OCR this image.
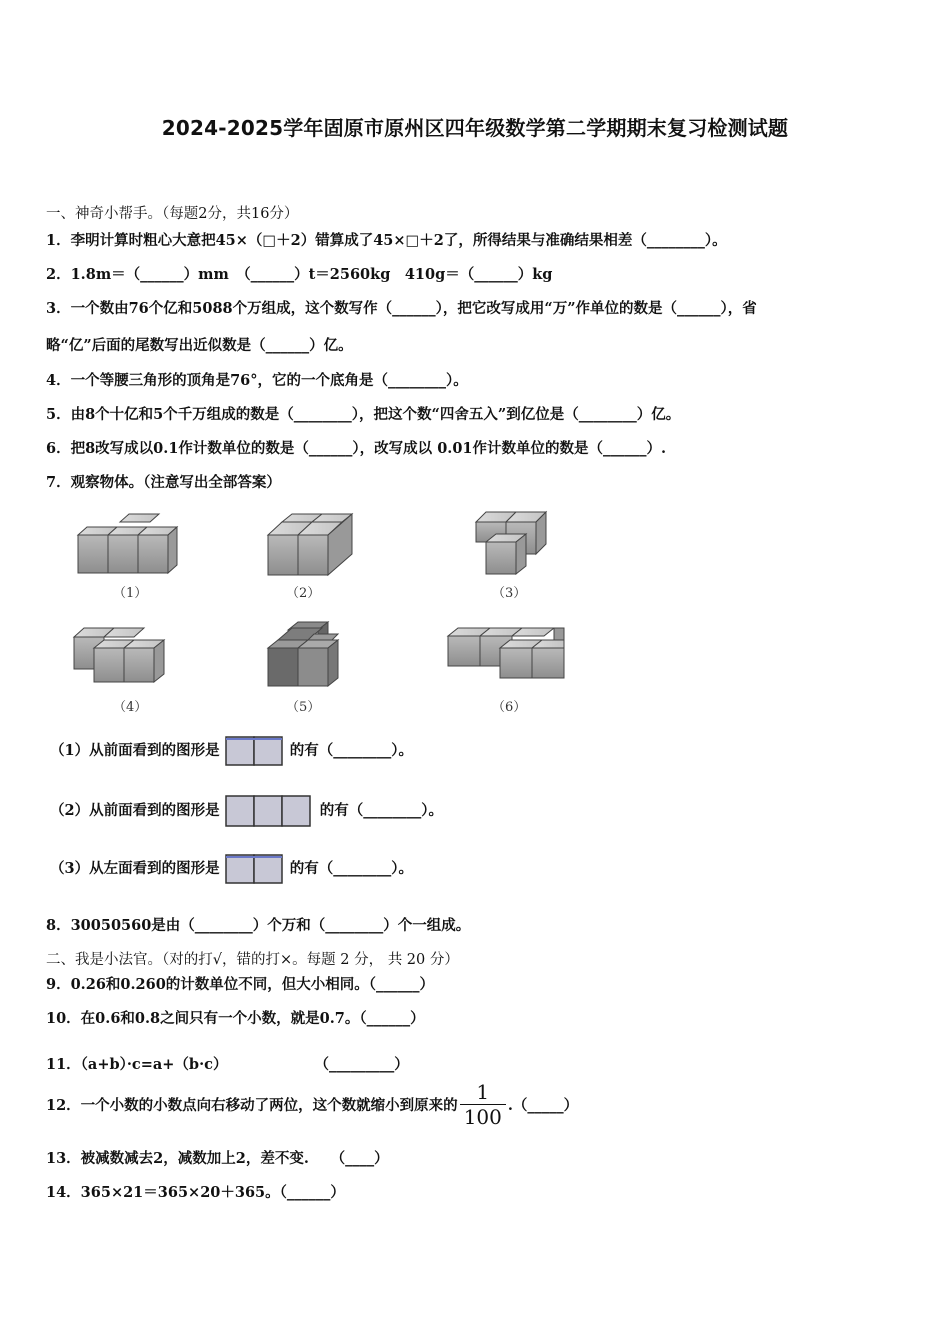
2024-2025学年固原市原州区四年级数学第二学期期末复习检测试题
一、神奇小帮手。（每题2分，共16分）
1．李明计算时粗心大意把45×（□＋2）错算成了45×□＋2了，所得结果与准确结果相差（________）。
2．1.8m＝（______）mm　（______）t＝2560kg　410g＝（______）kg
3．一个数由76个亿和5088个万组成，这个数写作（______），把它改写成用“万”作单位的数是（______），省
略“亿”后面的尾数写出近似数是（______）亿。
4．一个等腰三角形的顶角是76°，它的一个底角是（________）。
5．由8个十亿和5个千万组成的数是（________），把这个数“四舍五入”到亿位是（________）亿。
6．把8改写成以0.1作计数单位的数是（______），改写成以 0.01作计数单位的数是（______）.
7．观察物体。（注意写出全部答案）
（1）	（2）	（3）
（4）	（5）	（6）
（1）从前面看到的图形是	的有（________）。
（2）从前面看到的图形是	的有（________）。
（3）从左面看到的图形是	的有（________）。
8．30050560是由（________）个万和（________）个一组成。
二、我是小法官。（对的打√，错的打×。每题 2 分， 共 20 分）
9．0.26和0.260的计数单位不同，但大小相同。（______）
10．在0.6和0.8之间只有一个小数，就是0.7。（______）
11．（a+b）·c=a+（b·c）　　　　　　　（_________）
12．一个小数的小数点向右移动了两位，这个数就缩小到原来的 $\frac{1}{100}$ .（_____）
13．被减数减去2，减数加上2，差不变.　　（____）
14．365×21＝365×20＋365。（______）
